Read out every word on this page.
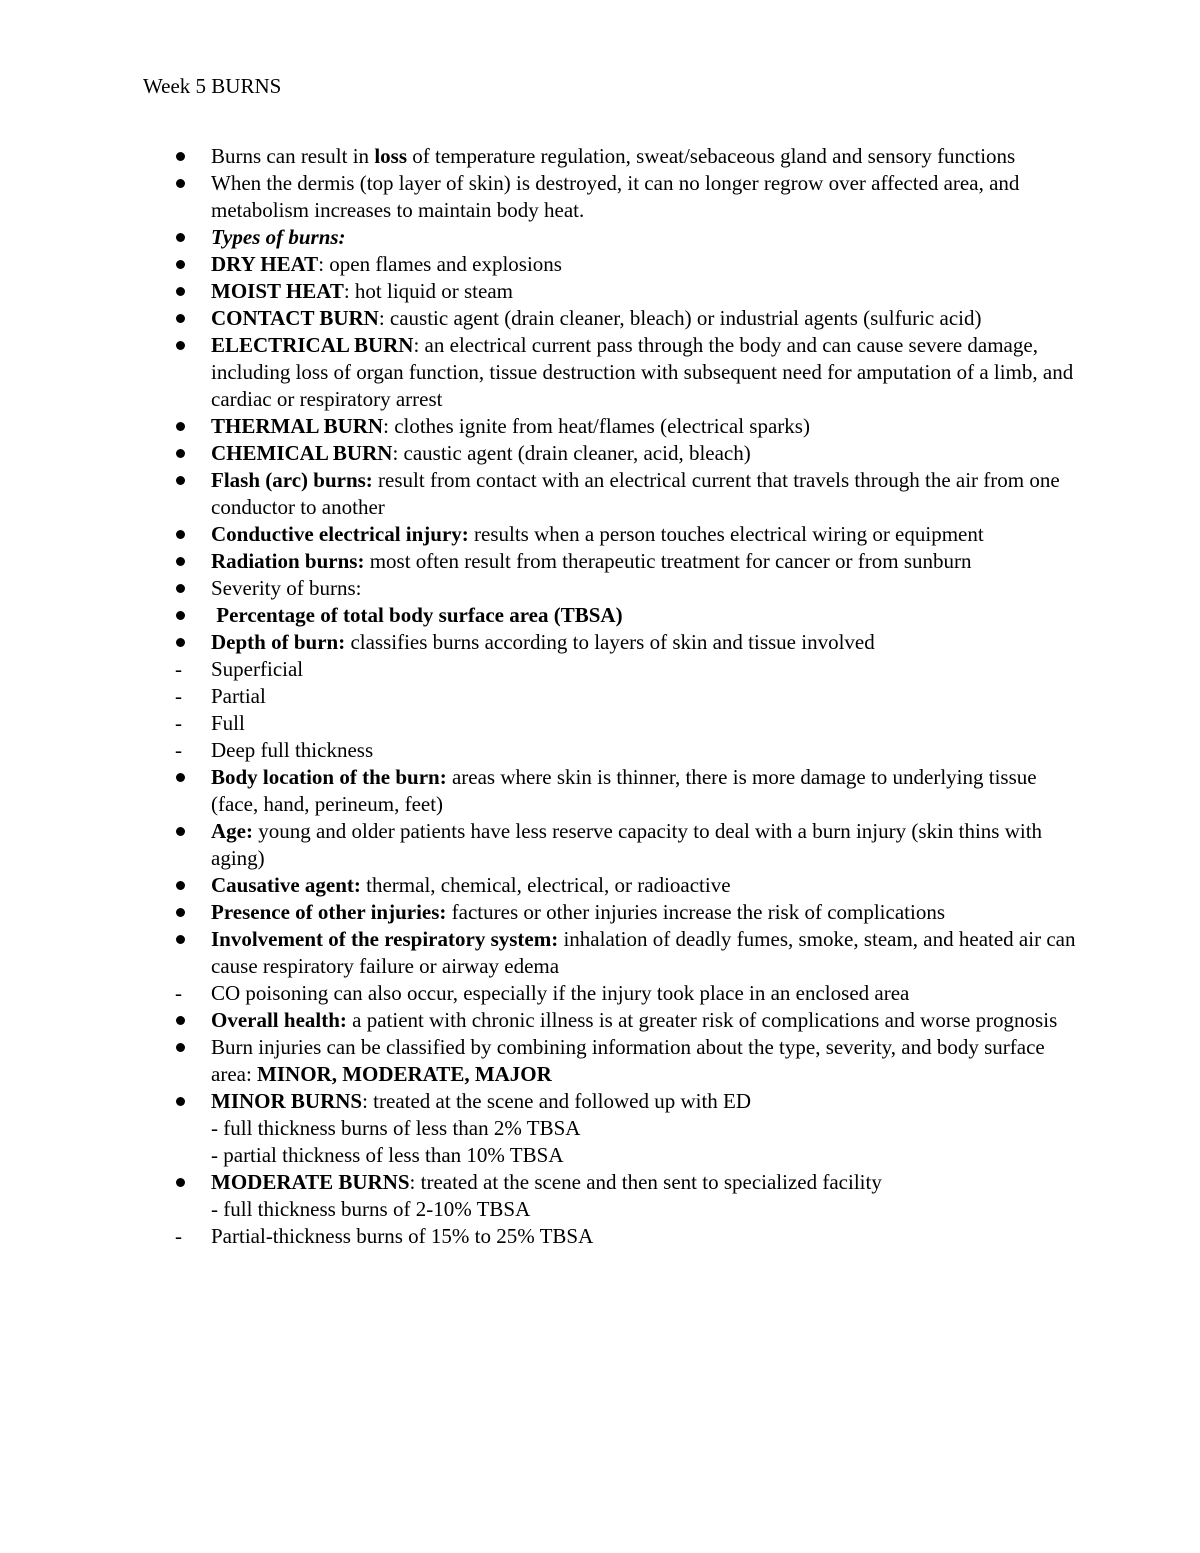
Week 5 BURNS
Burns can result in loss of temperature regulation, sweat/sebaceous gland and sensory functions
When the dermis (top layer of skin) is destroyed, it can no longer regrow over affected area, and metabolism increases to maintain body heat.
Types of burns:
DRY HEAT: open flames and explosions
MOIST HEAT: hot liquid or steam
CONTACT BURN: caustic agent (drain cleaner, bleach) or industrial agents (sulfuric acid)
ELECTRICAL BURN: an electrical current pass through the body and can cause severe damage, including loss of organ function, tissue destruction with subsequent need for amputation of a limb, and cardiac or respiratory arrest
THERMAL BURN: clothes ignite from heat/flames (electrical sparks)
CHEMICAL BURN: caustic agent (drain cleaner, acid, bleach)
Flash (arc) burns: result from contact with an electrical current that travels through the air from one conductor to another
Conductive electrical injury: results when a person touches electrical wiring or equipment
Radiation burns: most often result from therapeutic treatment for cancer or from sunburn
Severity of burns:
Percentage of total body surface area (TBSA)
Depth of burn: classifies burns according to layers of skin and tissue involved
- Superficial
- Partial
- Full
- Deep full thickness
Body location of the burn: areas where skin is thinner, there is more damage to underlying tissue (face, hand, perineum, feet)
Age: young and older patients have less reserve capacity to deal with a burn injury (skin thins with aging)
Causative agent: thermal, chemical, electrical, or radioactive
Presence of other injuries: factures or other injuries increase the risk of complications
Involvement of the respiratory system: inhalation of deadly fumes, smoke, steam, and heated air can cause respiratory failure or airway edema
- CO poisoning can also occur, especially if the injury took place in an enclosed area
Overall health: a patient with chronic illness is at greater risk of complications and worse prognosis
Burn injuries can be classified by combining information about the type, severity, and body surface area: MINOR, MODERATE, MAJOR
MINOR BURNS: treated at the scene and followed up with ED
- full thickness burns of less than 2% TBSA
- partial thickness of less than 10% TBSA
MODERATE BURNS: treated at the scene and then sent to specialized facility
- full thickness burns of 2-10% TBSA
- Partial-thickness burns of 15% to 25% TBSA
